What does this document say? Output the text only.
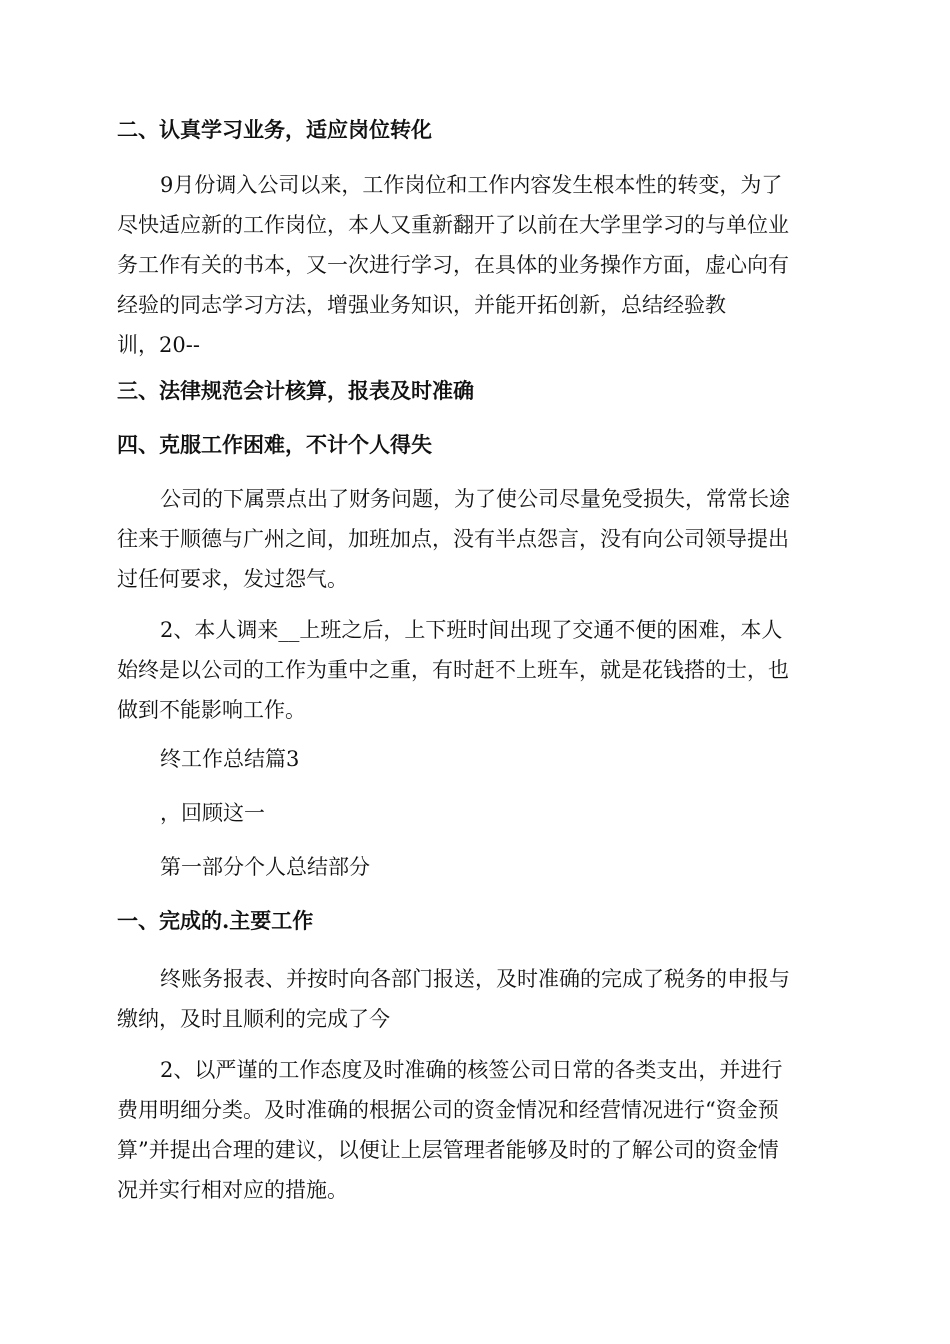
二、认真学习业务，适应岗位转化

9月份调入公司以来，工作岗位和工作内容发生根本性的转变，为了
尽快适应新的工作岗位，本人又重新翻开了以前在大学里学习的与单位业
务工作有关的书本，又一次进行学习，在具体的业务操作方面，虚心向有
经验的同志学习方法，增强业务知识，并能开拓创新，总结经验教
训，20--

三、法律规范会计核算，报表及时准确

四、克服工作困难，不计个人得失

公司的下属票点出了财务问题，为了使公司尽量免受损失，常常长途
往来于顺德与广州之间，加班加点，没有半点怨言，没有向公司领导提出
过任何要求，发过怨气。
2、本人调来__上班之后，上下班时间出现了交通不便的困难，本人
始终是以公司的工作为重中之重，有时赶不上班车，就是花钱搭的士，也
做到不能影响工作。

终工作总结篇3

，回顾这一

第一部分个人总结部分

一、完成的.主要工作

终账务报表、并按时向各部门报送，及时准确的完成了税务的申报与
缴纳，及时且顺利的完成了今
2、以严谨的工作态度及时准确的核签公司日常的各类支出，并进行
费用明细分类。及时准确的根据公司的资金情况和经营情况进行“资金预
算”并提出合理的建议，以便让上层管理者能够及时的了解公司的资金情
况并实行相对应的措施。
